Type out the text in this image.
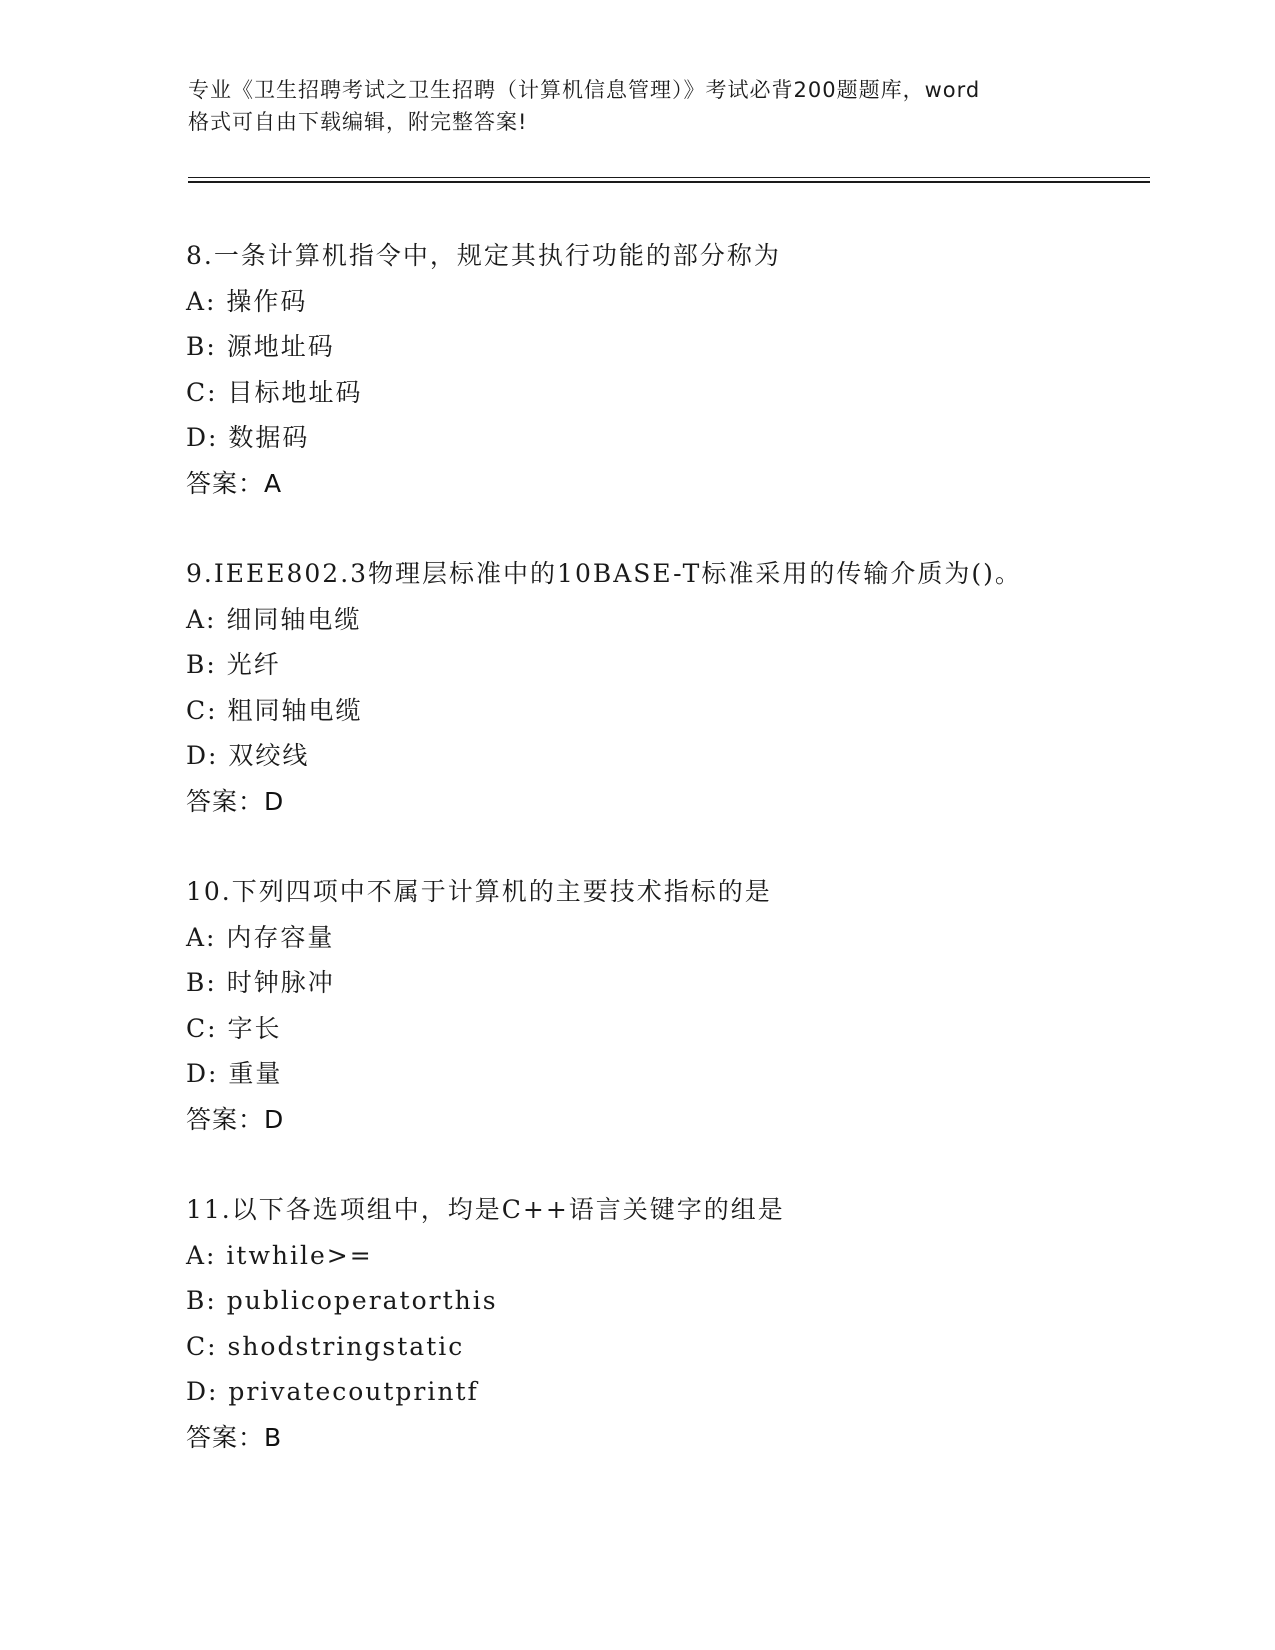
专业《卫生招聘考试之卫生招聘（计算机信息管理）》考试必背200题题库，word
格式可自由下载编辑，附完整答案!
8.一条计算机指令中，规定其执行功能的部分称为
A: 操作码
B: 源地址码
C: 目标地址码
D: 数据码
答案：A
9.IEEE802.3物理层标准中的10BASE-T标准采用的传输介质为()。
A: 细同轴电缆
B: 光纤
C: 粗同轴电缆
D: 双绞线
答案：D
10.下列四项中不属于计算机的主要技术指标的是
A: 内存容量
B: 时钟脉冲
C: 字长
D: 重量
答案：D
11.以下各选项组中，均是C++语言关键字的组是
A: itwhile>=
B: publicoperatorthis
C: shodstringstatic
D: privatecoutprintf
答案：B
